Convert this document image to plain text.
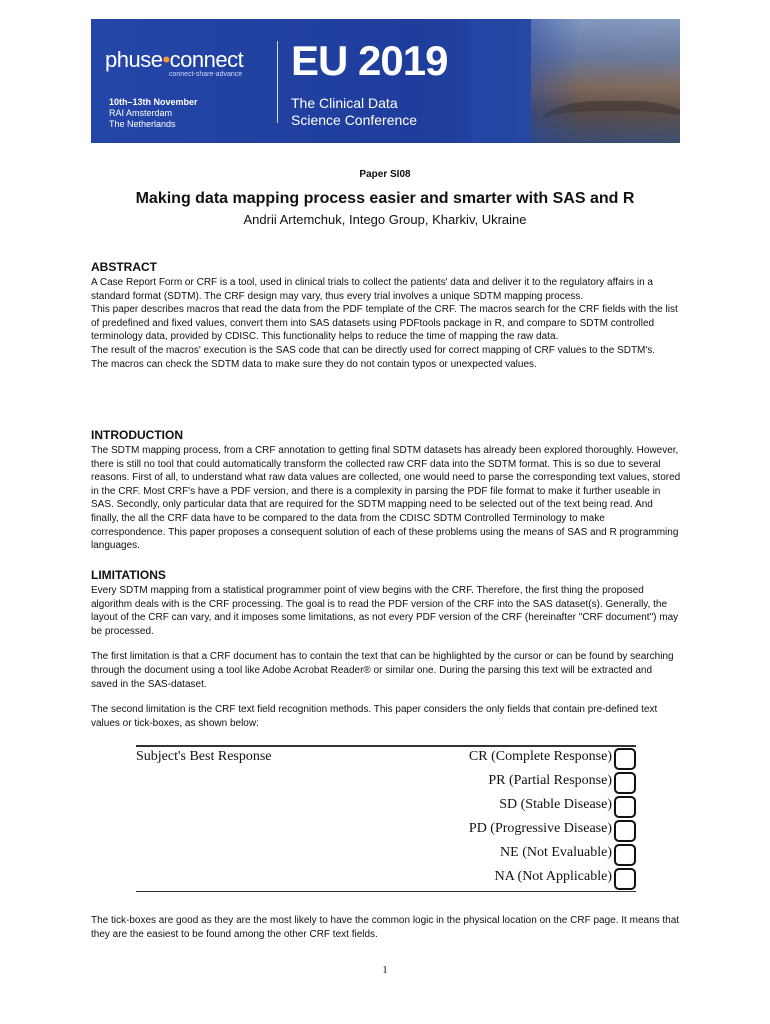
phuse•connect
connect-share-advance
10th–13th November
RAI Amsterdam
The Netherlands
EU 2019
The Clinical Data
Science Conference
Paper SI08
Making data mapping process easier and smarter with SAS and R
Andrii Artemchuk, Intego Group, Kharkiv, Ukraine
ABSTRACT

A Case Report Form or CRF is a tool, used in clinical trials to collect the patients' data and deliver it to the regulatory affairs in a standard format (SDTM). The CRF design may vary, thus every trial involves a unique SDTM mapping process.

This paper describes macros that read the data from the PDF template of the CRF. The macros search for the CRF fields with the list of predefined and fixed values, convert them into SAS datasets using PDFtools package in R, and compare to SDTM controlled terminology data, provided by CDISC. This functionality helps to reduce the time of mapping the raw data.

The result of the macros' execution is the SAS code that can be directly used for correct mapping of CRF values to the SDTM's.

The macros can check the SDTM data to make sure they do not contain typos or unexpected values.

INTRODUCTION

The SDTM mapping process, from a CRF annotation to getting final SDTM datasets has already been explored thoroughly. However, there is still no tool that could automatically transform the collected raw CRF data into the SDTM format. This is so due to several reasons. First of all, to understand what raw data values are collected, one would need to parse the corresponding text values, stored in the CRF. Most CRF's have a PDF version, and there is a complexity in parsing the PDF file format to make it further useable in SAS. Secondly, only particular data that are required for the SDTM mapping need to be selected out of the text being read. And finally, the all the CRF data have to be compared to the data from the CDISC SDTM Controlled Terminology to make correspondence. This paper proposes a consequent solution of each of these problems using the means of SAS and R programming languages.

LIMITATIONS

Every SDTM mapping from a statistical programmer point of view begins with the CRF. Therefore, the first thing the proposed algorithm deals with is the CRF processing. The goal is to read the PDF version of the CRF into the SAS dataset(s). Generally, the layout of the CRF can vary, and it imposes some limitations, as not every PDF version of the CRF (hereinafter "CRF document") may be processed.

The first limitation is that a CRF document has to contain the text that can be highlighted by the cursor or can be found by searching through the document using a tool like Adobe Acrobat Reader® or similar one. During the parsing this text will be extracted and saved in the SAS-dataset.

The second limitation is the CRF text field recognition methods. This paper considers the only fields that contain pre-defined text values or tick-boxes, as shown below:

Subject's Best Response	CR (Complete Response)
PR (Partial Response)
SD (Stable Disease)
PD (Progressive Disease)
NE (Not Evaluable)
NA (Not Applicable)

The tick-boxes are good as they are the most likely to have the common logic in the physical location on the CRF page. It means that they are the easiest to be found among the other CRF text fields.

1
